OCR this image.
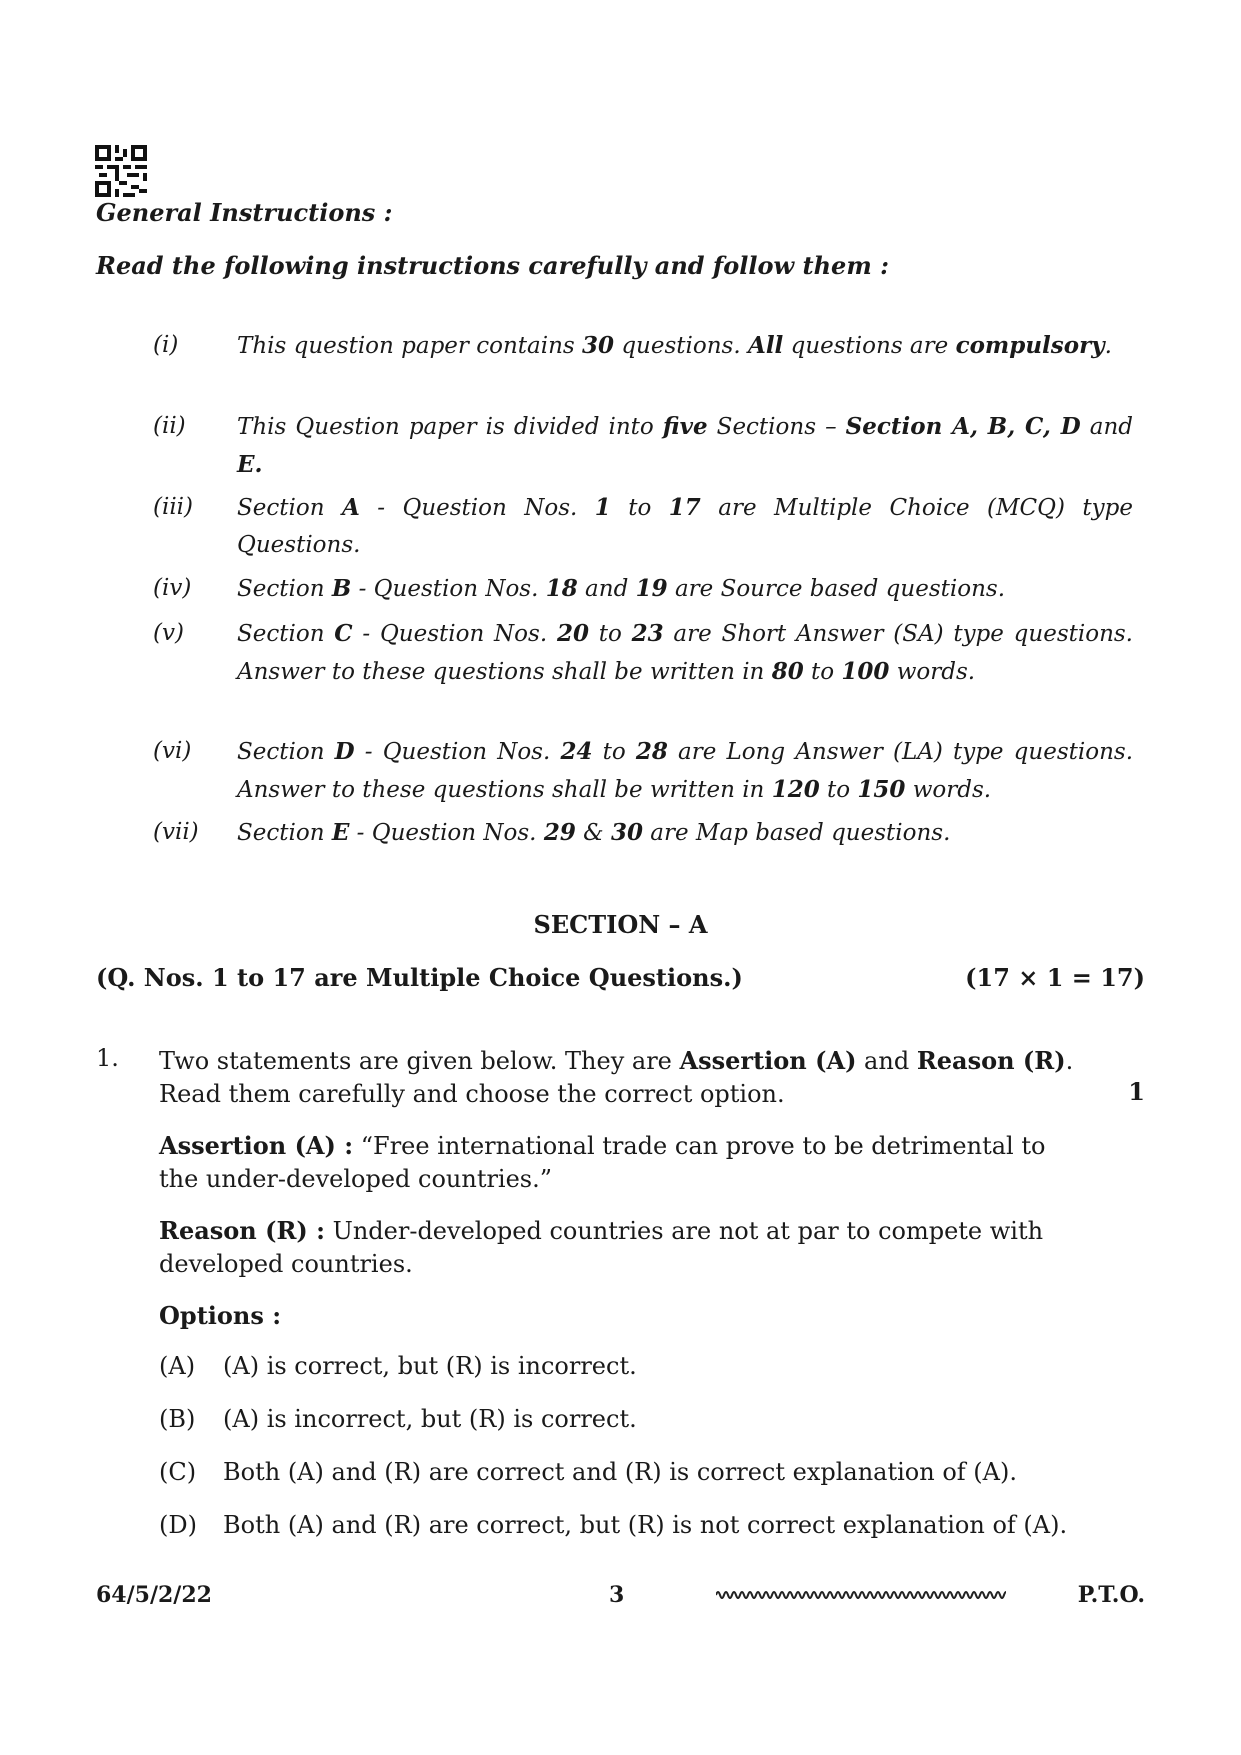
General Instructions :
Read the following instructions carefully and follow them :
(i)	This question paper contains 30 questions. All questions are compulsory.
(ii)	This Question paper is divided into five Sections – Section A, B, C, D and E.
(iii)	Section A - Question Nos. 1 to 17 are Multiple Choice (MCQ) type Questions.
(iv)	Section B - Question Nos. 18 and 19 are Source based questions.
(v)	Section C - Question Nos. 20 to 23 are Short Answer (SA) type questions. Answer to these questions shall be written in 80 to 100 words.
(vi)	Section D - Question Nos. 24 to 28 are Long Answer (LA) type questions. Answer to these questions shall be written in 120 to 150 words.
(vii)	Section E - Question Nos. 29 & 30 are Map based questions.
SECTION – A
(Q. Nos. 1 to 17 are Multiple Choice Questions.)	(17 × 1 = 17)
1. Two statements are given below. They are Assertion (A) and Reason (R). Read them carefully and choose the correct option.	1
Assertion (A) : “Free international trade can prove to be detrimental to the under-developed countries.”
Reason (R) : Under-developed countries are not at par to compete with developed countries.
Options :
(A) (A) is correct, but (R) is incorrect.
(B) (A) is incorrect, but (R) is correct.
(C) Both (A) and (R) are correct and (R) is correct explanation of (A).
(D) Both (A) and (R) are correct, but (R) is not correct explanation of (A).
64/5/2/22	3	P.T.O.
